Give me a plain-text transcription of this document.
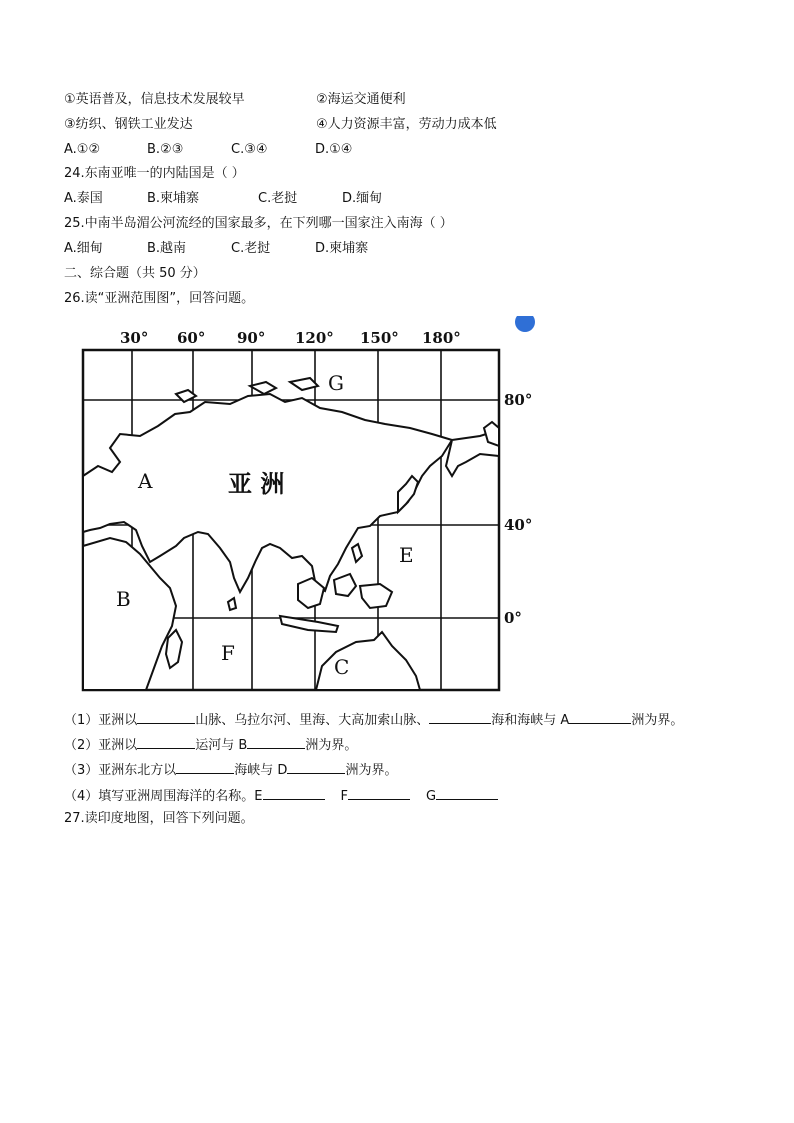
①英语普及，信息技术发展较早	②海运交通便利
③纺织、钢铁工业发达	④人力资源丰富，劳动力成本低
A.①②	B.②③	C.③④	D.①④
24.东南亚唯一的内陆国是（ ）
A.泰国	B.柬埔寨	C.老挝	D.缅甸
25.中南半岛湄公河流经的国家最多，在下列哪一国家注入南海（ ）
A.细甸	B.越南	C.老挝	D.柬埔寨
二、综合题（共 50 分）
26.读“亚洲范围图”，回答问题。
30° 60° 90° 120° 150° 180°
80°
40°
0°
G
A
B
E
F
C
亚 洲
（1）亚洲以	山脉、乌拉尔河、里海、大高加索山脉、	海和海峡与 A	洲为界。
（2）亚洲以	运河与 B	洲为界。
（3）亚洲东北方以	海峡与 D	洲为界。
（4）填写亚洲周围海洋的名称。E	F	G
27.读印度地图，回答下列问题。
